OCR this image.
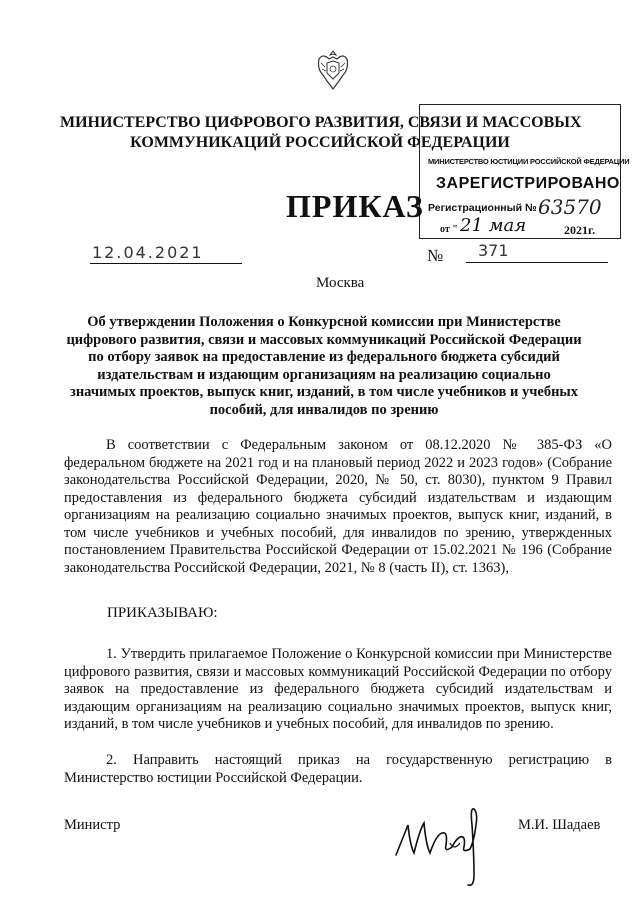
МИНИСТЕРСТВО ЦИФРОВОГО РАЗВИТИЯ, СВЯЗИ И МАССОВЫХ
КОММУНИКАЦИЙ РОССИЙСКОЙ ФЕДЕРАЦИИ
МИНИСТЕРСТВО ЮСТИЦИИ РОССИЙСКОЙ ФЕДЕРАЦИИ
ЗАРЕГИСТРИРОВАНО
Регистрационный № 63570
от " 21 мая	2021г.
ПРИКАЗ
12.04.2021	№	371
Москва
Об утверждении Положения о Конкурсной комиссии при Министерстве цифрового развития, связи и массовых коммуникаций Российской Федерации по отбору заявок на предоставление из федерального бюджета субсидий издательствам и издающим организациям на реализацию социально значимых проектов, выпуск книг, изданий, в том числе учебников и учебных пособий, для инвалидов по зрению
В соответствии с Федеральным законом от 08.12.2020 № 385-ФЗ «О федеральном бюджете на 2021 год и на плановый период 2022 и 2023 годов» (Собрание законодательства Российской Федерации, 2020, № 50, ст. 8030), пунктом 9 Правил предоставления из федерального бюджета субсидий издательствам и издающим организациям на реализацию социально значимых проектов, выпуск книг, изданий, в том числе учебников и учебных пособий, для инвалидов по зрению, утвержденных постановлением Правительства Российской Федерации от 15.02.2021 № 196 (Собрание законодательства Российской Федерации, 2021, № 8 (часть II), ст. 1363),
ПРИКАЗЫВАЮ:
1. Утвердить прилагаемое Положение о Конкурсной комиссии при Министерстве цифрового развития, связи и массовых коммуникаций Российской Федерации по отбору заявок на предоставление из федерального бюджета субсидий издательствам и издающим организациям на реализацию социально значимых проектов, выпуск книг, изданий, в том числе учебников и учебных пособий, для инвалидов по зрению.
2. Направить настоящий приказ на государственную регистрацию в Министерство юстиции Российской Федерации.
Министр	М.И. Шадаев
